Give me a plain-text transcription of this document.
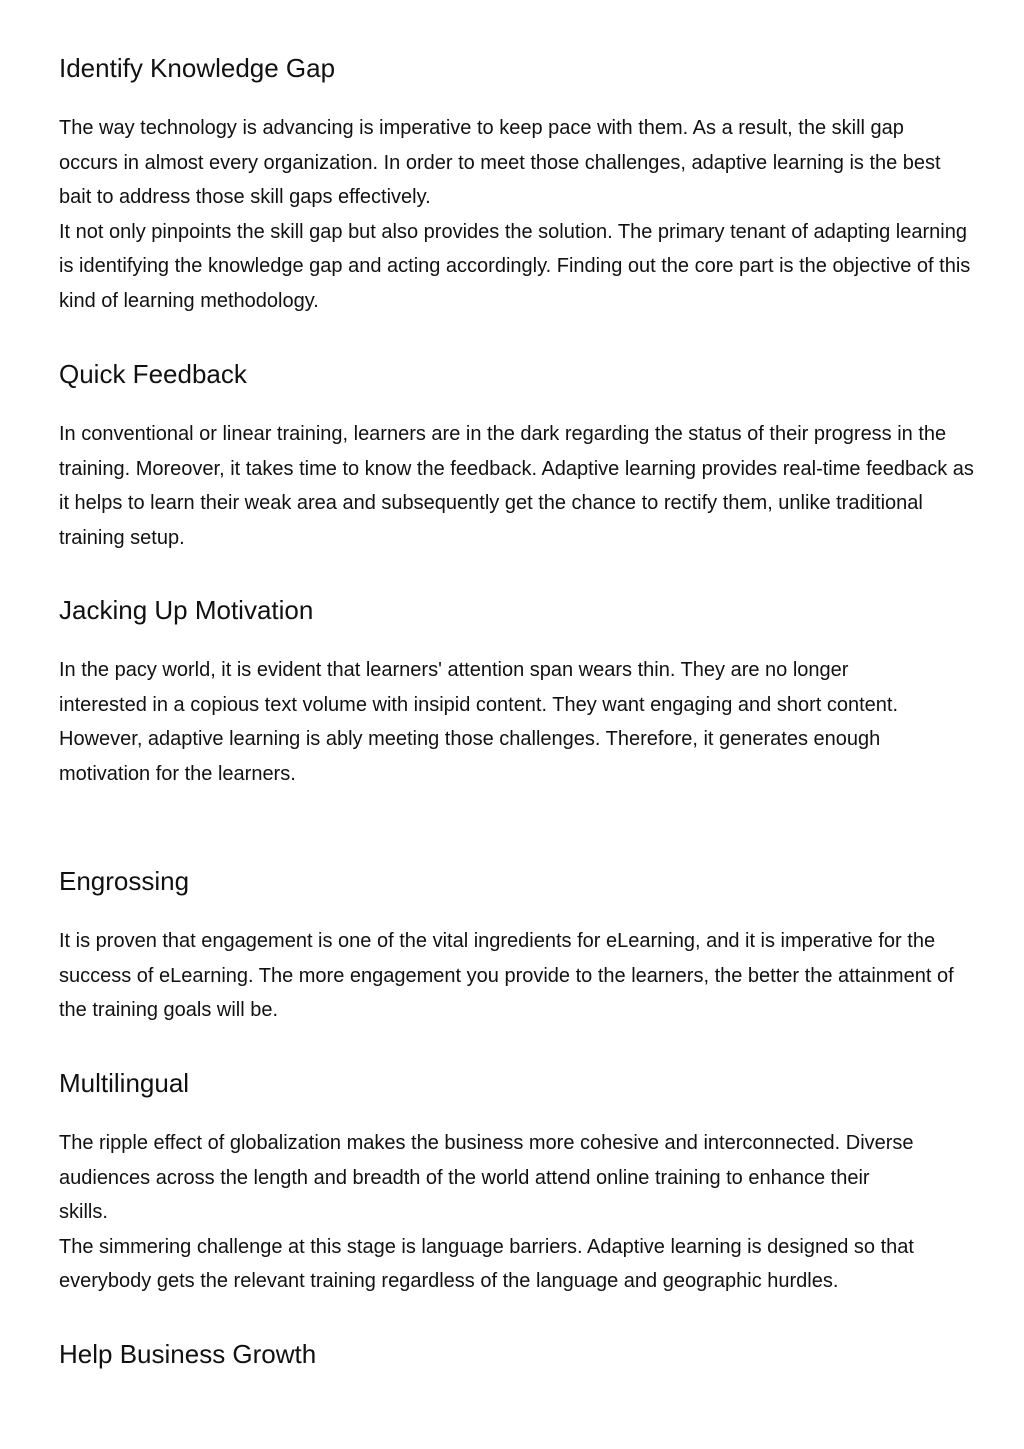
Identify Knowledge Gap

The way technology is advancing is imperative to keep pace with them. As a result, the skill gap occurs in almost every organization. In order to meet those challenges, adaptive learning is the best bait to address those skill gaps effectively.

It not only pinpoints the skill gap but also provides the solution. The primary tenant of adapting learning is identifying the knowledge gap and acting accordingly. Finding out the core part is the objective of this kind of learning methodology.

Quick Feedback

In conventional or linear training, learners are in the dark regarding the status of their progress in the training. Moreover, it takes time to know the feedback. Adaptive learning provides real-time feedback as it helps to learn their weak area and subsequently get the chance to rectify them, unlike traditional training setup.

Jacking Up Motivation

In the pacy world, it is evident that learners' attention span wears thin. They are no longer interested in a copious text volume with insipid content. They want engaging and short content.

However, adaptive learning is ably meeting those challenges. Therefore, it generates enough motivation for the learners.

Engrossing

It is proven that engagement is one of the vital ingredients for eLearning, and it is imperative for the success of eLearning. The more engagement you provide to the learners, the better the attainment of the training goals will be.

Multilingual

The ripple effect of globalization makes the business more cohesive and interconnected. Diverse audiences across the length and breadth of the world attend online training to enhance their skills.

The simmering challenge at this stage is language barriers. Adaptive learning is designed so that everybody gets the relevant training regardless of the language and geographic hurdles.

Help Business Growth
